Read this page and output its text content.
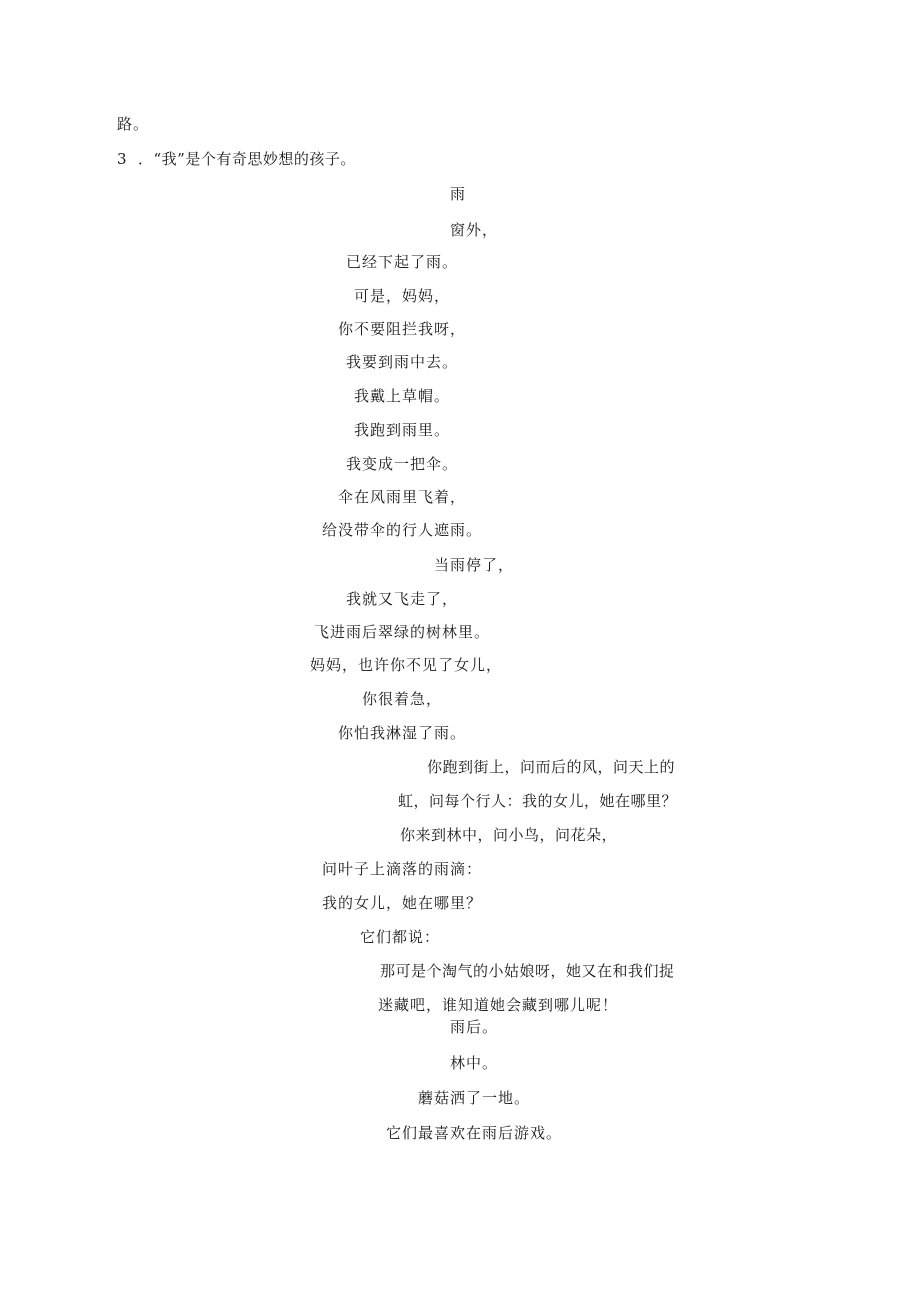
路。
3 ．“我”是个有奇思妙想的孩子。
雨
窗外，
已经下起了雨。
可是，妈妈，
你不要阻拦我呀，
我要到雨中去。
我戴上草帽。
我跑到雨里。
我变成一把伞。
伞在风雨里飞着，
给没带伞的行人遮雨。
当雨停了，
我就又飞走了，
飞进雨后翠绿的树林里。
妈妈，也许你不见了女儿，
你很着急，
你怕我淋湿了雨。
你跑到街上，问而后的风，问天上的
虹，问每个行人：我的女儿，她在哪里？
你来到林中，问小鸟，问花朵，
问叶子上滴落的雨滴：
我的女儿，她在哪里？
它们都说：
那可是个淘气的小姑娘呀，她又在和我们捉
迷藏吧，谁知道她会藏到哪儿呢！
雨后。
林中。
蘑菇洒了一地。
它们最喜欢在雨后游戏。
